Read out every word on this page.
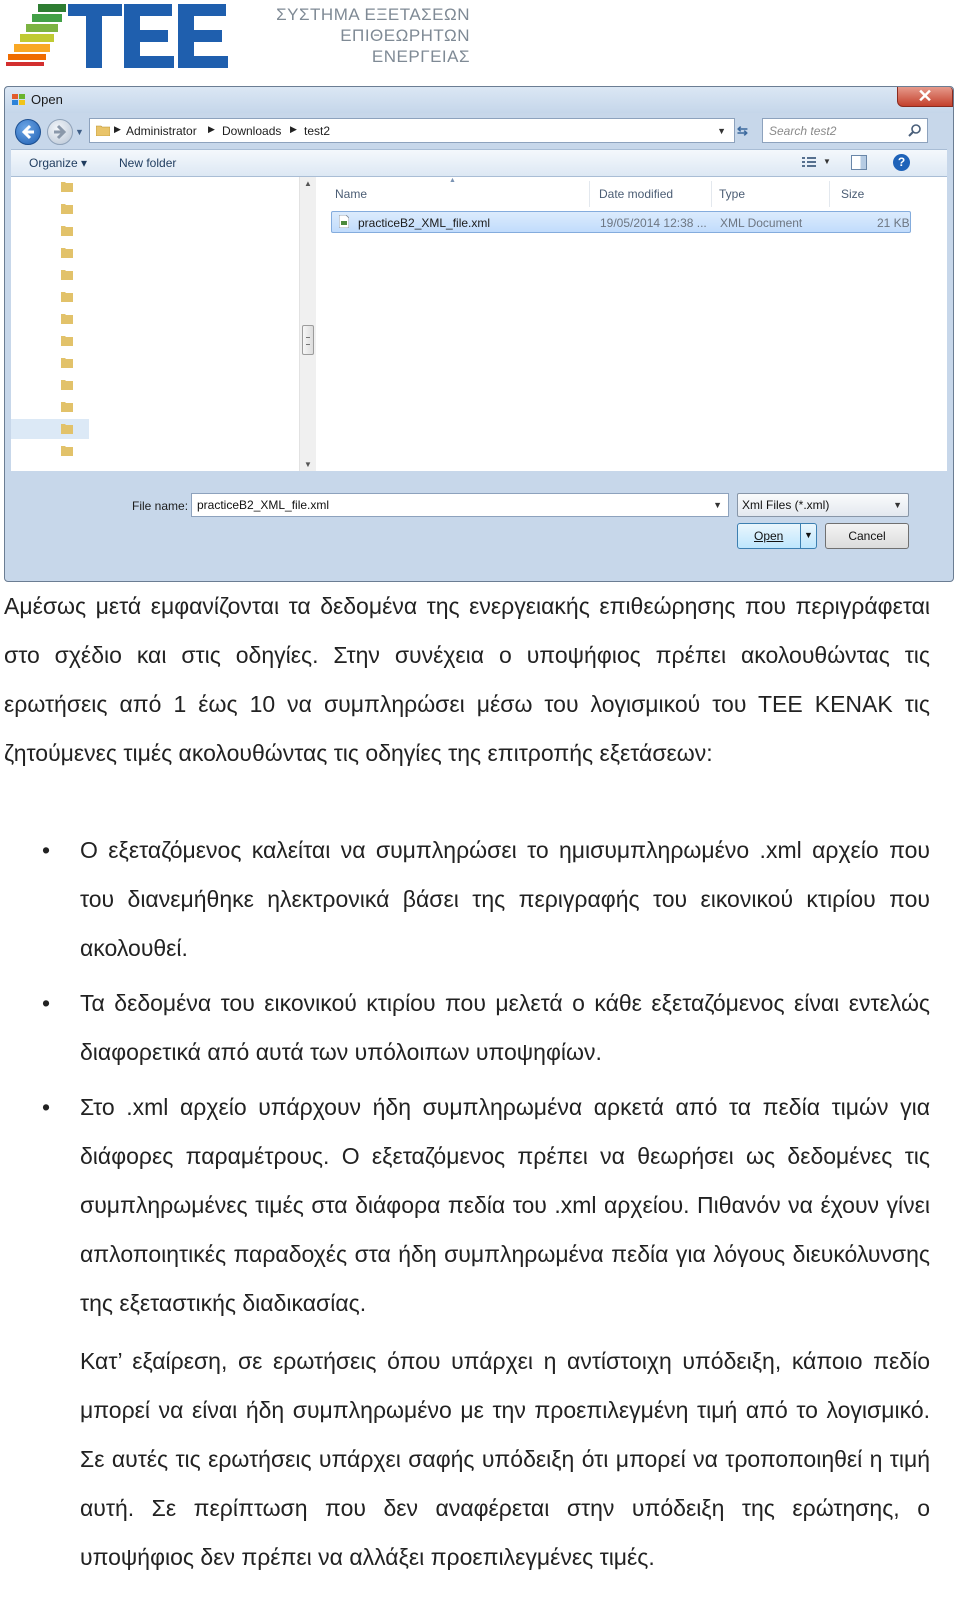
ΣΥΣΤΗΜΑ ΕΞΕΤΑΣΕΩΝ
ΕΠΙΘΕΩΡΗΤΩΝ
ΕΝΕΡΓΕΙΑΣ
Open	✕
▼	▶ Administrator ▶ Downloads ▶ test2	▼ ⇆ Search test2
Organize ▾	New folder	▼	?
▲
▼
▲
Name	Date modified	Type	Size
practiceB2_XML_file.xml	19/05/2014 12:38 ... XML Document	21 KB
File name: practiceB2_XML_file.xml	▼ Xml Files (*.xml)	▼
Open ▼	Cancel
Αμέσως μετά εμφανίζονται τα δεδομένα της ενεργειακής επιθεώρησης που περιγράφεται στο σχέδιο και στις οδηγίες. Στην συνέχεια ο υποψήφιος πρέπει ακολουθώντας τις ερωτήσεις από 1 έως 10 να συμπληρώσει μέσω του λογισμικού του ΤΕΕ ΚΕΝΑΚ τις ζητούμενες τιμές ακολουθώντας τις οδηγίες της επιτροπής εξετάσεων:
• Ο εξεταζόμενος καλείται να συμπληρώσει το ημισυμπληρωμένο .xml αρχείο που του διανεμήθηκε ηλεκτρονικά βάσει της περιγραφής του εικονικού κτιρίου που ακολουθεί.
• Τα δεδομένα του εικονικού κτιρίου που μελετά ο κάθε εξεταζόμενος είναι εντελώς διαφορετικά από αυτά των υπόλοιπων υποψηφίων.
• Στο .xml αρχείο υπάρχουν ήδη συμπληρωμένα αρκετά από τα πεδία τιμών για διάφορες παραμέτρους. Ο εξεταζόμενος πρέπει να θεωρήσει ως δεδομένες τις συμπληρωμένες τιμές στα διάφορα πεδία του .xml αρχείου. Πιθανόν να έχουν γίνει απλοποιητικές παραδοχές στα ήδη συμπληρωμένα πεδία για λόγους διευκόλυνσης της εξεταστικής διαδικασίας.
Κατ’ εξαίρεση, σε ερωτήσεις όπου υπάρχει η αντίστοιχη υπόδειξη, κάποιο πεδίο μπορεί να είναι ήδη συμπληρωμένο με την προεπιλεγμένη τιμή από το λογισμικό. Σε αυτές τις ερωτήσεις υπάρχει σαφής υπόδειξη ότι μπορεί να τροποποιηθεί η τιμή αυτή. Σε περίπτωση που δεν αναφέρεται στην υπόδειξη της ερώτησης, ο υποψήφιος δεν πρέπει να αλλάξει προεπιλεγμένες τιμές.
